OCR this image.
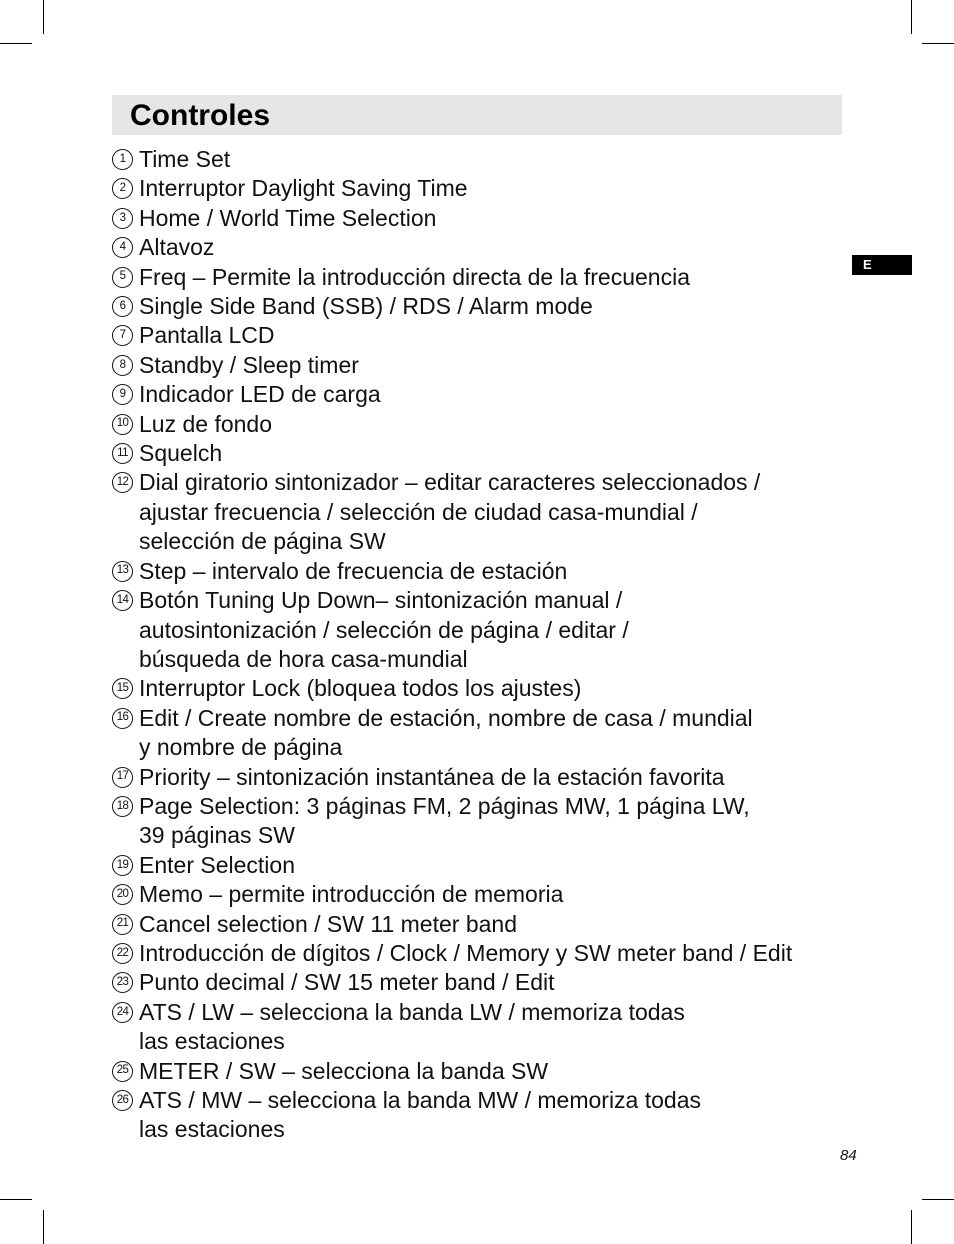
Controles
E
1 Time Set
2 Interruptor Daylight Saving Time
3 Home / World Time Selection
4 Altavoz
5 Freq – Permite la introducción directa de la frecuencia
6 Single Side Band (SSB) / RDS / Alarm mode
7 Pantalla LCD
8 Standby / Sleep timer
9 Indicador LED de carga
10 Luz de fondo
11 Squelch
12 Dial giratorio sintonizador – editar caracteres seleccionados /
ajustar frecuencia / selección de ciudad casa-mundial /
selección de página SW
13 Step – intervalo de frecuencia de estación
14 Botón Tuning Up Down– sintonización manual /
autosintonización / selección de página / editar /
búsqueda de hora casa-mundial
15 Interruptor Lock (bloquea todos los ajustes)
16 Edit / Create nombre de estación, nombre de casa / mundial
y nombre de página
17 Priority – sintonización instantánea de la estación favorita
18 Page Selection: 3 páginas FM, 2 páginas MW, 1 página LW,
39 páginas SW
19 Enter Selection
20 Memo – permite introducción de memoria
21 Cancel selection / SW 11 meter band
22 Introducción de dígitos / Clock / Memory y SW meter band / Edit
23 Punto decimal / SW 15 meter band / Edit
24 ATS / LW – selecciona la banda LW / memoriza todas
las estaciones
25 METER / SW – selecciona la banda SW
26 ATS / MW – selecciona la banda MW / memoriza todas
las estaciones
84
